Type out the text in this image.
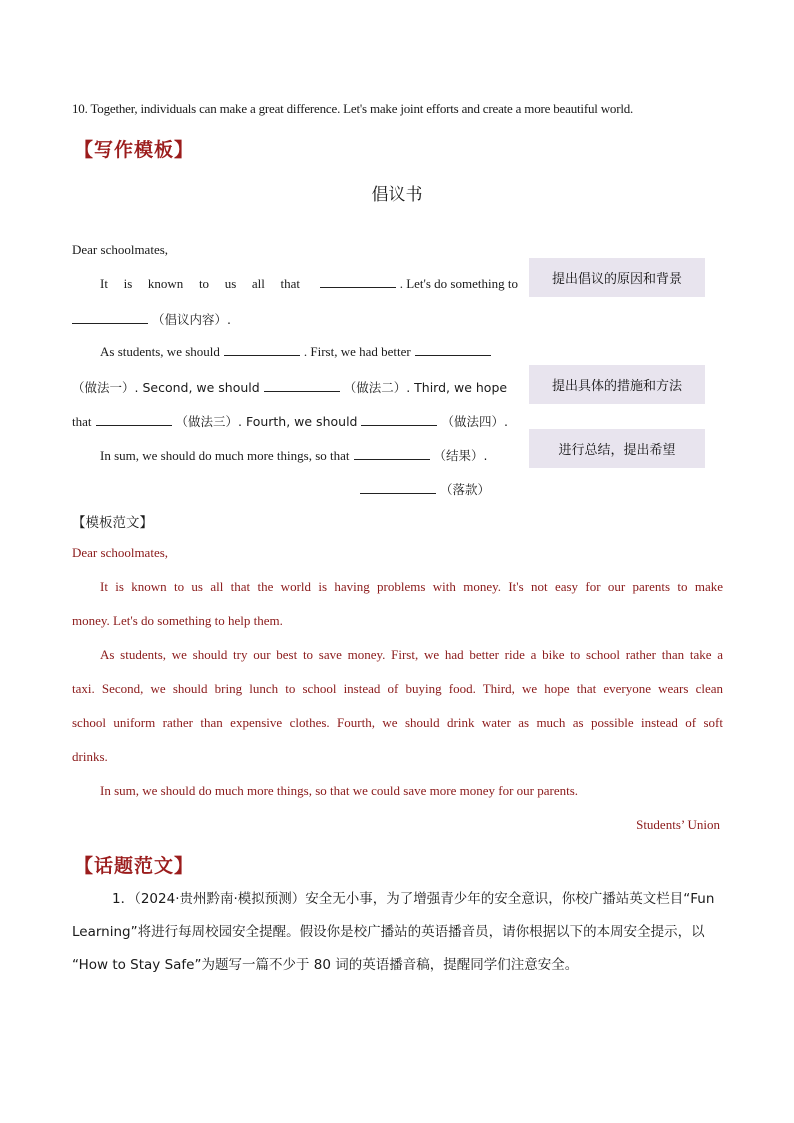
10. Together, individuals can make a great difference. Let's make joint efforts and create a more beautiful world.
【写作模板】
倡议书
Dear schoolmates,
It is known to us all that	. Let's do something to
（倡议内容）.
As students, we should	. First, we had better
（做法一）. Second, we should	（做法二）. Third, we hope
that	（做法三）. Fourth, we should	（做法四）.
In sum, we should do much more things, so that	（结果）.
（落款）
提出倡议的原因和背景
提出具体的措施和方法
进行总结，提出希望
【模板范文】
Dear schoolmates,
It is known to us all that the world is having problems with money. It's not easy for our parents to make
money. Let's do something to help them.
As students, we should try our best to save money. First, we had better ride a bike to school rather than take a
taxi. Second, we should bring lunch to school instead of buying food. Third, we hope that everyone wears clean
school uniform rather than expensive clothes. Fourth, we should drink water as much as possible instead of soft
drinks.
In sum, we should do much more things, so that we could save more money for our parents.
Students’ Union
【话题范文】
1．（2024·贵州黔南·模拟预测）安全无小事，为了增强青少年的安全意识，你校广播站英文栏目“Fun
Learning”将进行每周校园安全提醒。假设你是校广播站的英语播音员，请你根据以下的本周安全提示，以
“How to Stay Safe”为题写一篇不少于 80 词的英语播音稿，提醒同学们注意安全。
